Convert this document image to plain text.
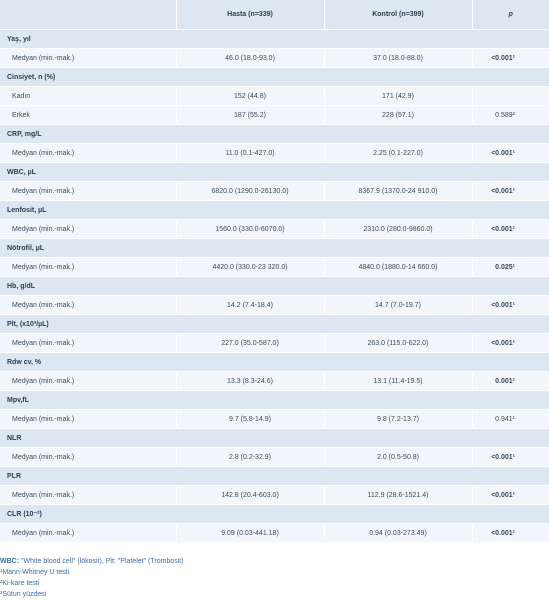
	Hasta (n=339)	Kontrol (n=399)	p
Yaş, yıl			
Medyan (min.-mak.)	46.0 (18.0-93.0)	37.0 (18.0-88.0)	<0.001¹
Cinsiyet, n (%)			
Kadın	152 (44.8)	171 (42.9)	
Erkek	187 (55.2)	228 (57.1)	0.589²
CRP, mg/L			
Medyan (min.-mak.)	11.0 (0.1-427.0)	2.25 (0.1-227.0)	<0.001¹
WBC, µL			
Medyan (min.-mak.)	6820.0 (1290.0-26130.0)	8367.9 (1370.0-24 910.0)	<0.001¹
Lenfosit, µL			
Medyan (min.-mak.)	1560.0 (330.0-6070.0)	2310.0 (280.0-9860.0)	<0.001¹
Nötrofil, µL			
Medyan (min.-mak.)	4420.0 (330.0-23 320.0)	4840.0 (1880.0-14 660.0)	0.025¹
Hb, g/dL			
Medyan (min.-mak.)	14.2 (7.4-18.4)	14.7 (7.0-19.7)	<0.001¹
Plt, (x10³/µL)			
Medyan (min.-mak.)	227.0 (35.0-587.0)	263.0 (115.0-622.0)	<0.001¹
Rdw cv, %			
Medyan (min.-mak.)	13.3 (8.3-24.6)	13.1 (11.4-19.5)	0.001¹
Mpv,fL			
Medyan (min.-mak.)	9.7 (5.8-14.9)	9.8 (7.2-13.7)	0.941¹
NLR			
Medyan (min.-mak.)	2.8 (0.2-32.9)	2.0 (0.5-50.8)	<0.001¹
PLR			
Medyan (min.-mak.)	142.8 (20.4-603.0)	112.9 (28.6-1521.4)	<0.001¹
CLR (10⁻²)			
Medyan (min.-mak.)	9.09 (0.03-441.18)	0.94 (0.03-273.49)	<0.001¹
WBC: "White blood cell" (lökosit), Plt: "Platelet" (Trombosit)
¹Mann-Whitney U testi
²Ki-kare testi
³Sütun yüzdesi
